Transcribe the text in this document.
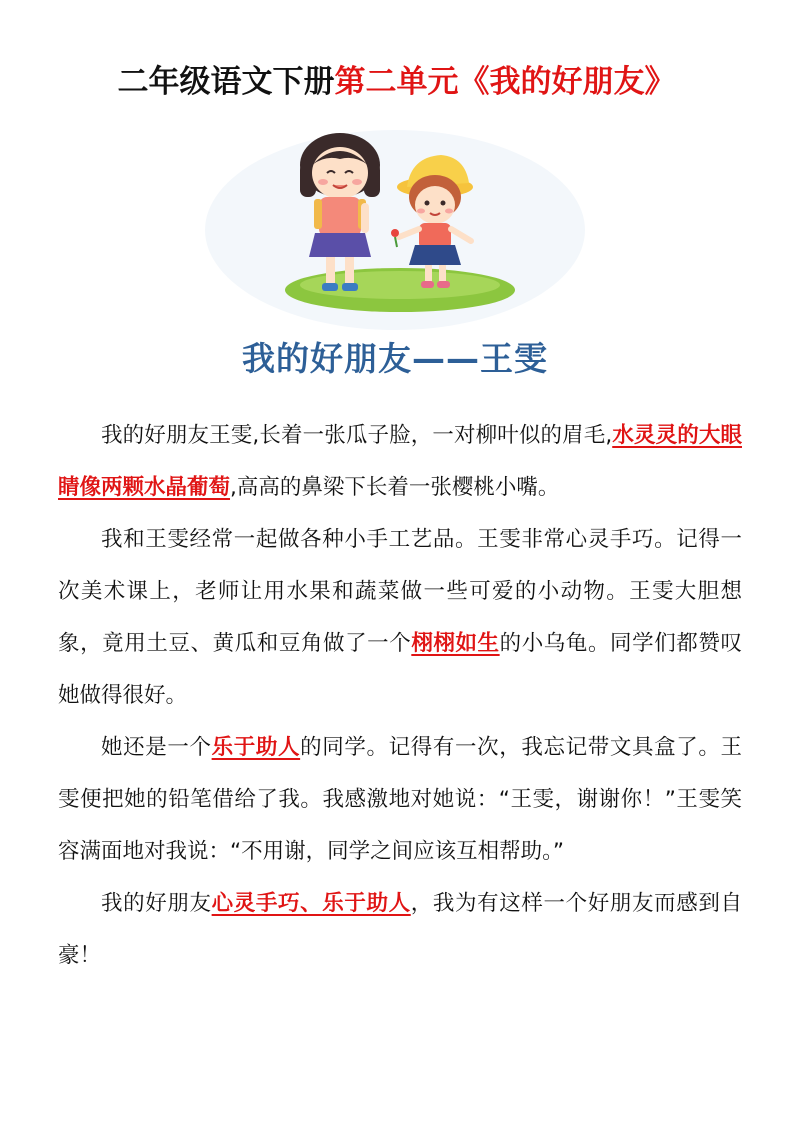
二年级语文下册第二单元《我的好朋友》
我的好朋友——王雯

我的好朋友王雯,长着一张瓜子脸，一对柳叶似的眉毛,水灵灵的大眼睛像两颗水晶葡萄,高高的鼻梁下长着一张樱桃小嘴。

我和王雯经常一起做各种小手工艺品。王雯非常心灵手巧。记得一次美术课上，老师让用水果和蔬菜做一些可爱的小动物。王雯大胆想象，竟用土豆、黄瓜和豆角做了一个栩栩如生的小乌龟。同学们都赞叹她做得很好。

她还是一个乐于助人的同学。记得有一次，我忘记带文具盒了。王雯便把她的铅笔借给了我。我感激地对她说：“王雯，谢谢你！”王雯笑容满面地对我说：“不用谢，同学之间应该互相帮助。”

我的好朋友心灵手巧、乐于助人，我为有这样一个好朋友而感到自豪！
